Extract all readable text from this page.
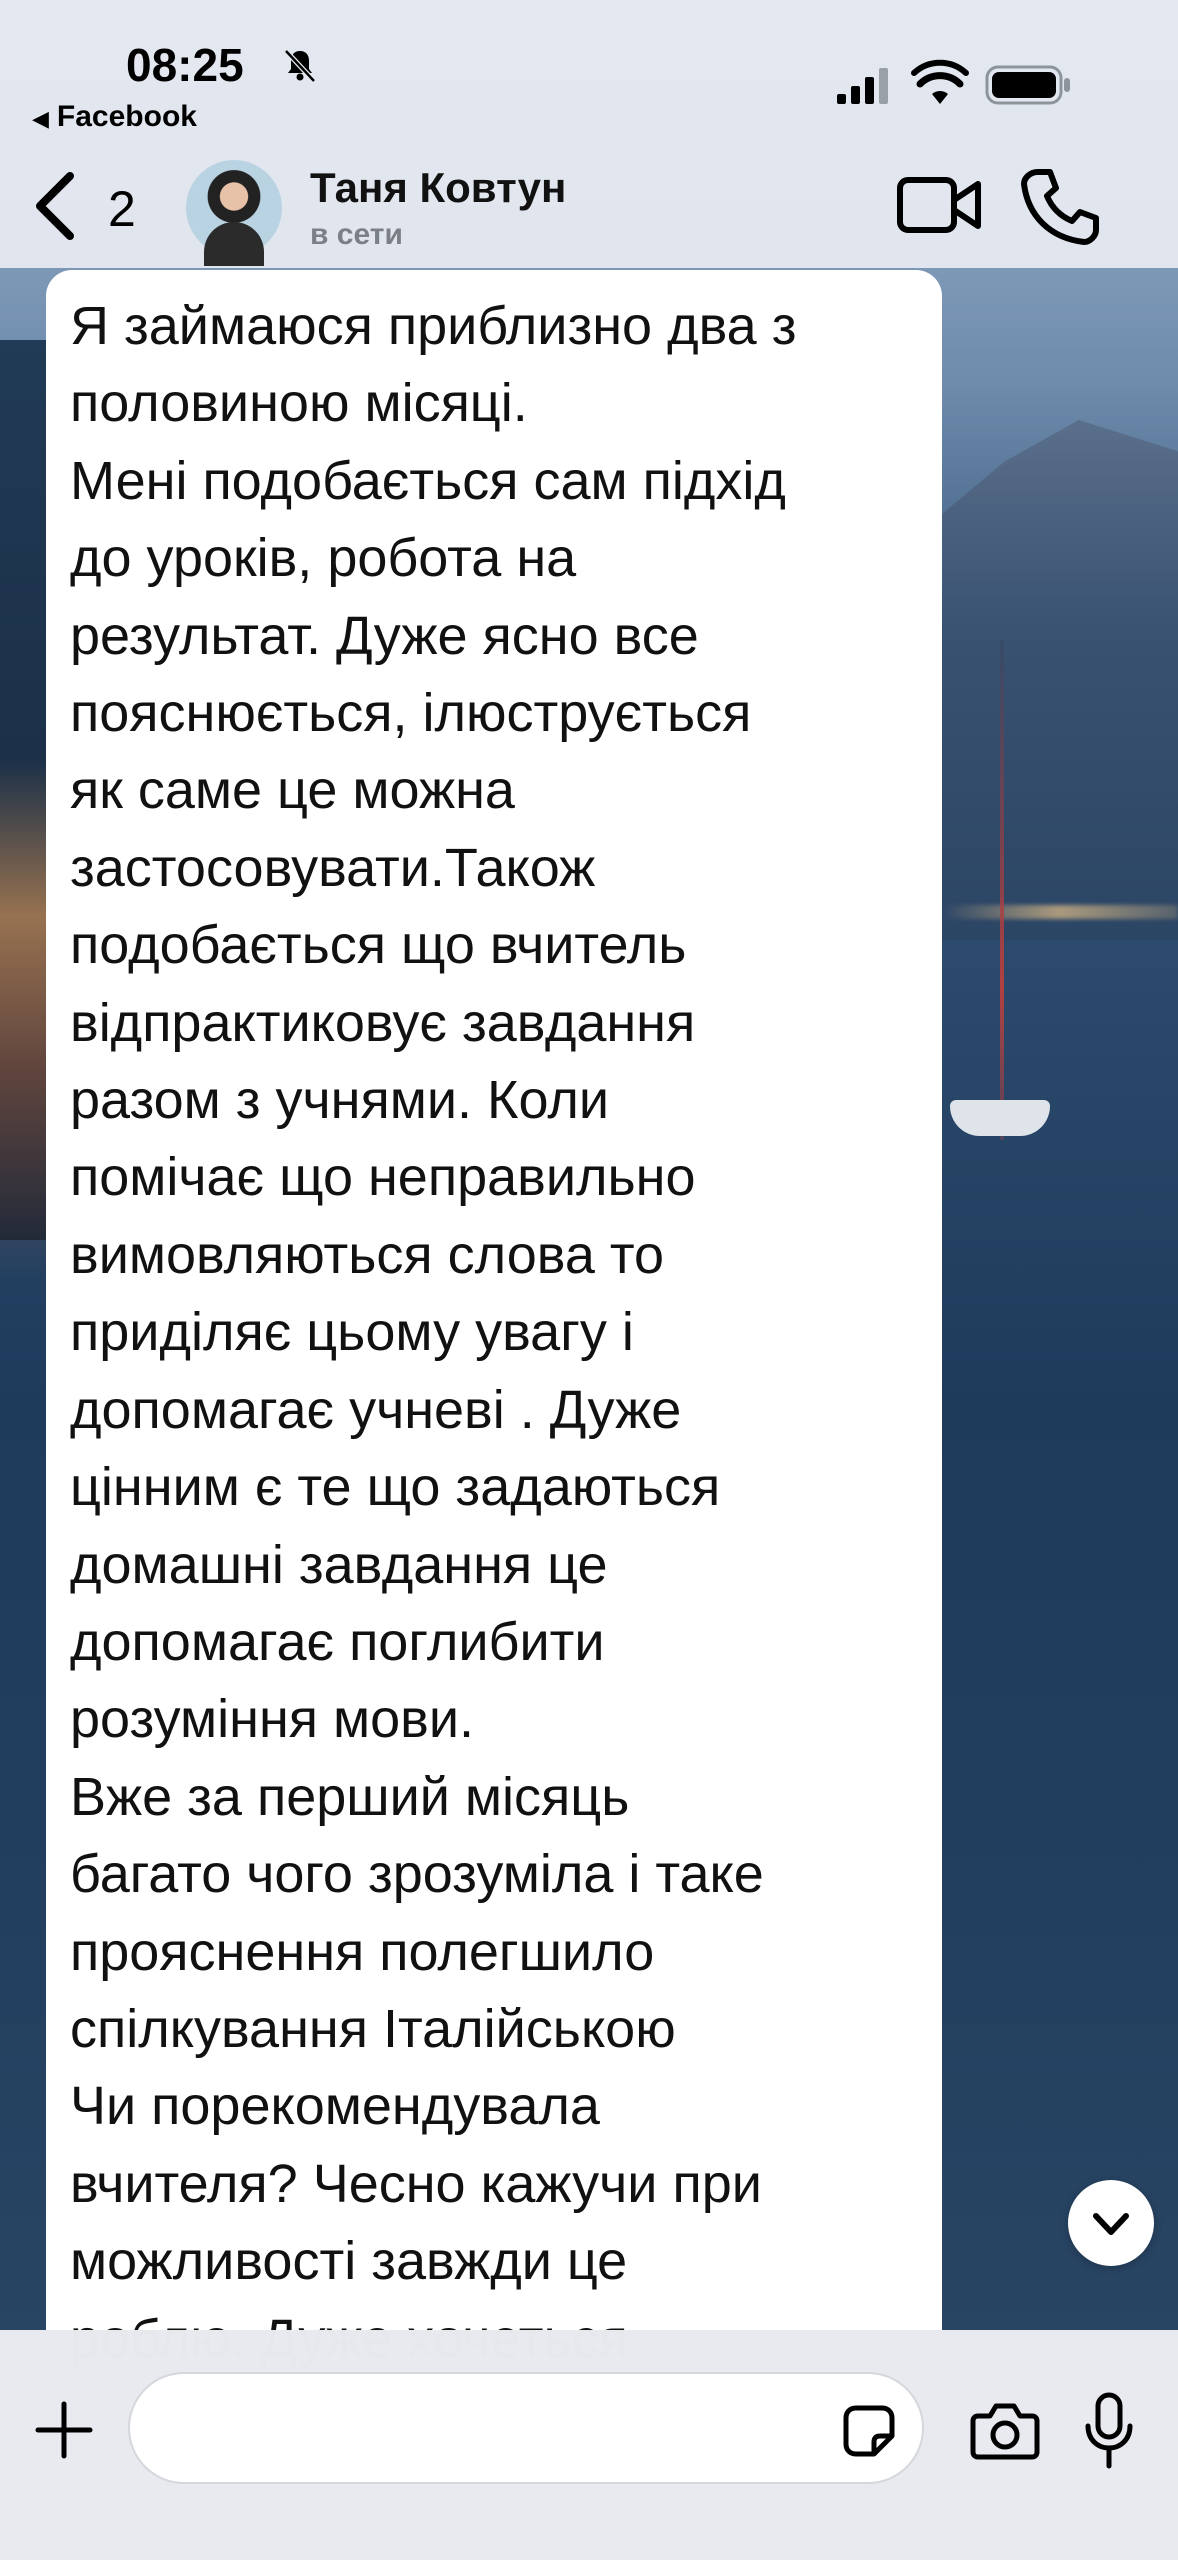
08:25
◀ Facebook
2	Таня Ковтун
в сети
Я займаюся приблизно два з
половиною місяці.
Мені подобається сам підхід
до уроків, робота на
результат. Дуже ясно все
пояснюється, ілюструється
як саме це можна
застосовувати.Також
подобається що вчитель
відпрактиковує завдання
разом з учнями. Коли
помічає що неправильно
вимовляються слова то
приділяє цьому увагу і
допомагає учневі . Дуже
цінним є те що задаються
домашні завдання це
допомагає поглибити
розуміння мови.
Вже за перший місяць
багато чого зрозуміла і таке
прояснення полегшило
спілкування Італійською
Чи порекомендувала
вчителя? Чесно кажучи при
можливості завжди це
